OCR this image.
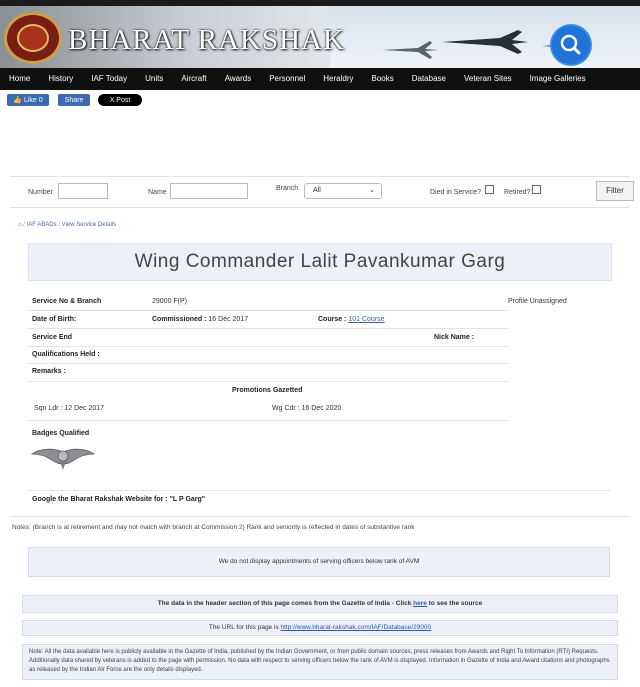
BHARAT RAKSHAK
Home	History	IAF Today	Units	Aircraft	Awards	Personnel	Heraldry	Books	Database	Veteran Sites	Image Galleries
👍 Like 0	Share	X Post
Number	Name
Branch	All	⌄	Died in Service?	Retired?	Filter
⌂ / IAF ABADs / View Service Details
Wing Commander Lalit Pavankumar Garg
Service No & Branch	29000 F(P)	Profile Unassigned
Date of Birth:	Commissioned : 16 Dec 2017	Course : 101 Course
Service End	Nick Name :
Qualifications Held :
Remarks :
Promotions Gazetted
Sqn Ldr : 12 Dec 2017	Wg Cdr : 16 Dec 2020
Badges Qualified
Google the Bharat Rakshak Website for : "L P Garg"
Notes: (Branch is at retirement and may not match with branch at Commission 2) Rank and seniority is reflected in dates of substantive rank
We do not display appointments of serving officers below rank of AVM
The data in the header section of this page comes from the Gazette of India - Click here to see the source
The URL for this page is http://www.bharat-rakshak.com/IAF/Database/29000
Note: All the data available here is publicly available in the Gazette of India, published by the Indian Government, or from public domain sources, press releases from Awards and Right To Information (RTI) Requests. Additionally data shared by veterans is added to the page with permission. No data with respect to serving officers below the rank of AVM is displayed. Information in Gazette of India and Award citations and photographs as released by the Indian Air Force are the only details displayed.
